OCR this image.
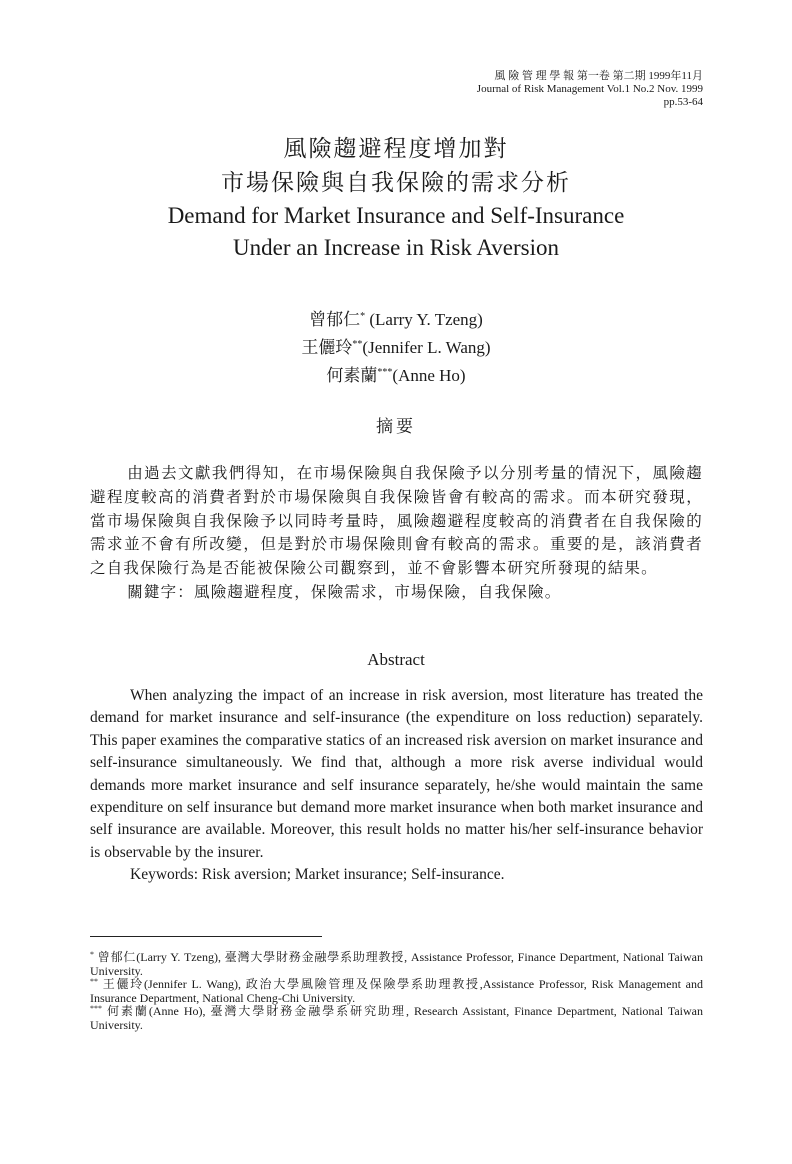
風 險 管 理 學 報 第一卷 第二期 1999年11月
Journal of Risk Management Vol.1 No.2 Nov. 1999
pp.53-64
風險趨避程度增加對
市場保險與自我保險的需求分析
Demand for Market Insurance and Self-Insurance
Under an Increase in Risk Aversion
曾郁仁* (Larry Y. Tzeng)
王儷玲**(Jennifer L. Wang)
何素蘭***(Anne Ho)
摘要

由過去文獻我們得知，在市場保險與自我保險予以分別考量的情況下，風險趨避程度較高的消費者對於市場保險與自我保險皆會有較高的需求。而本研究發現，當市場保險與自我保險予以同時考量時，風險趨避程度較高的消費者在自我保險的需求並不會有所改變，但是對於市場保險則會有較高的需求。重要的是，該消費者之自我保險行為是否能被保險公司觀察到，並不會影響本研究所發現的結果。

關鍵字：風險趨避程度，保險需求，市場保險，自我保險。

Abstract

When analyzing the impact of an increase in risk aversion, most literature has treated the demand for market insurance and self-insurance (the expenditure on loss reduction) separately. This paper examines the comparative statics of an increased risk aversion on market insurance and self-insurance simultaneously. We find that, although a more risk averse individual would demands more market insurance and self insurance separately, he/she would maintain the same expenditure on self insurance but demand more market insurance when both market insurance and self insurance are available. Moreover, this result holds no matter his/her self-insurance behavior is observable by the insurer.

Keywords: Risk aversion; Market insurance; Self-insurance.

* 曾郁仁(Larry Y. Tzeng), 臺灣大學財務金融學系助理教授, Assistance Professor, Finance Department, National Taiwan University.

** 王儷玲(Jennifer L. Wang), 政治大學風險管理及保險學系助理教授,Assistance Professor, Risk Management and Insurance Department, National Cheng-Chi University.

*** 何素蘭(Anne Ho), 臺灣大學財務金融學系研究助理, Research Assistant, Finance Department, National Taiwan University.
